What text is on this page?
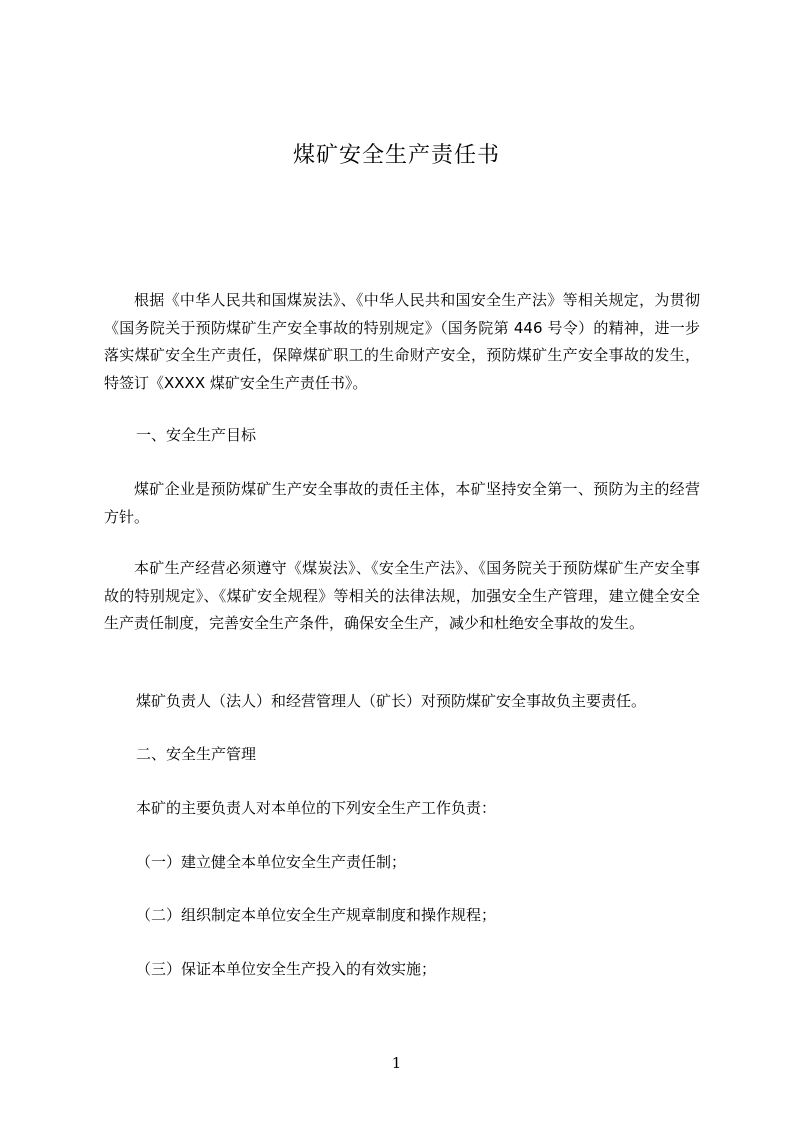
煤矿安全生产责任书

根据《中华人民共和国煤炭法》、《中华人民共和国安全生产法》等相关规定，为贯彻《国务院关于预防煤矿生产安全事故的特别规定》（国务院第 446 号令）的精神，进一步落实煤矿安全生产责任，保障煤矿职工的生命财产安全，预防煤矿生产安全事故的发生，特签订《XXXX 煤矿安全生产责任书》。

一、安全生产目标

煤矿企业是预防煤矿生产安全事故的责任主体，本矿坚持安全第一、预防为主的经营方针。

本矿生产经营必须遵守《煤炭法》、《安全生产法》、《国务院关于预防煤矿生产安全事故的特别规定》、《煤矿安全规程》等相关的法律法规，加强安全生产管理，建立健全安全生产责任制度，完善安全生产条件，确保安全生产，减少和杜绝安全事故的发生。

煤矿负责人（法人）和经营管理人（矿长）对预防煤矿安全事故负主要责任。

二、安全生产管理

本矿的主要负责人对本单位的下列安全生产工作负责：

（一）建立健全本单位安全生产责任制；

（二）组织制定本单位安全生产规章制度和操作规程；

（三）保证本单位安全生产投入的有效实施；

1
